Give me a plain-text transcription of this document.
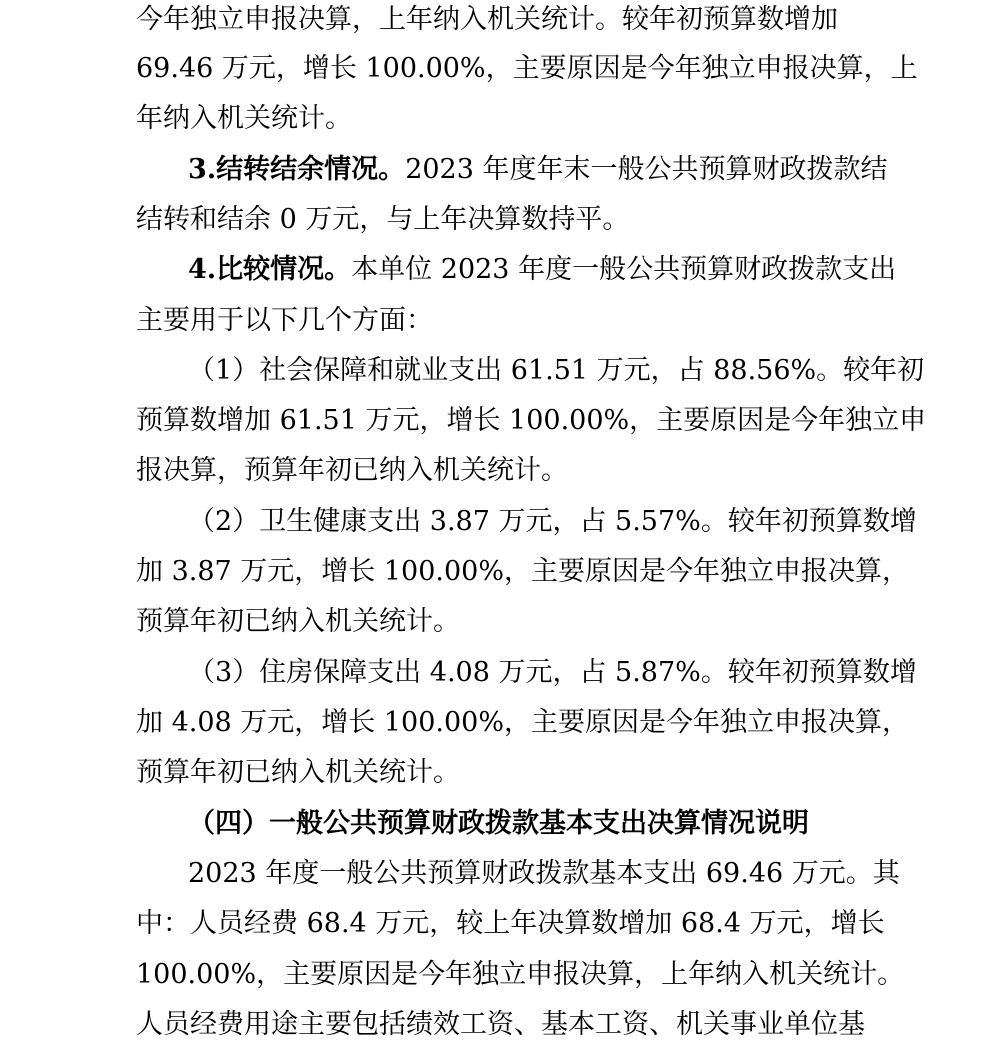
今年独立申报决算，上年纳入机关统计。较年初预算数增加

69.46 万元，增长 100.00%，主要原因是今年独立申报决算，上

年纳入机关统计。

3.结转结余情况。2023 年度年末一般公共预算财政拨款结

结转和结余 0 万元，与上年决算数持平。

4.比较情况。本单位 2023 年度一般公共预算财政拨款支出

主要用于以下几个方面：

（1）社会保障和就业支出 61.51 万元，占 88.56%。较年初

预算数增加 61.51 万元，增长 100.00%，主要原因是今年独立申

报决算，预算年初已纳入机关统计。

（2）卫生健康支出 3.87 万元，占 5.57%。较年初预算数增

加 3.87 万元，增长 100.00%，主要原因是今年独立申报决算，

预算年初已纳入机关统计。

（3）住房保障支出 4.08 万元，占 5.87%。较年初预算数增

加 4.08 万元，增长 100.00%，主要原因是今年独立申报决算，

预算年初已纳入机关统计。

（四）一般公共预算财政拨款基本支出决算情况说明

2023 年度一般公共预算财政拨款基本支出 69.46 万元。其

中：人员经费 68.4 万元，较上年决算数增加 68.4 万元，增长

100.00%，主要原因是今年独立申报决算，上年纳入机关统计。

人员经费用途主要包括绩效工资、基本工资、机关事业单位基
